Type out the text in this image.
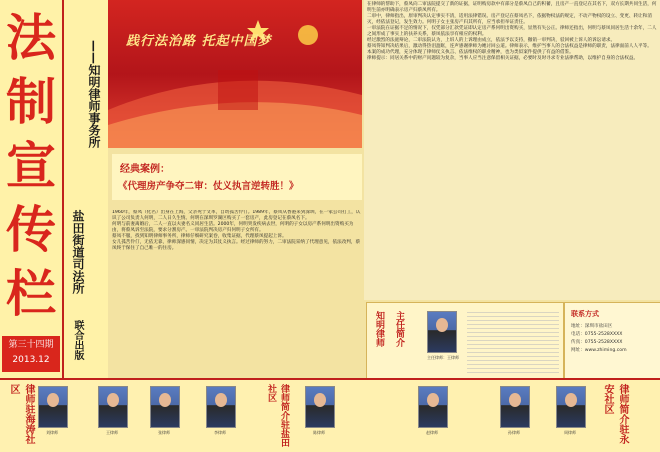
法
制
宣
传
栏
第三十四期
2013.12
——知明律师事务所
盐田街道司法所
联合出版
践行法治路 托起中国梦
经典案例：
《代理房产争夺二审：仗义执言逆转胜！》

1960年，蔡凤（化名）出身在上海，父亲死于文革，自幼孤苦伶仃。1989年，蔡凤从香港来到深圳，在一家公司打工，认识了公司负责人何明，二人日久生情。何明在深圳罗湖区购买了一套房产，此房登记在蔡凤名下。

何明与前妻离婚后，二人一直以夫妻名义同居生活。2000年，何明突发疾病去世，何明的子女以房产系何明出资购买为由，将蔡凤诉至法院，要求分割房产。一审法院判决房产归何明子女所有。

蔡凤不服，找到知明律师事务所，律师仔细研究案卷，收集证据，代理蔡凤提起上诉。

女儿孤苦伶仃，无依无靠，律师深感同情，决定为其仗义执言。经过律师的努力，二审法院采纳了代理意见，依法改判，蔡凤终于保住了自己唯一的住房。

在律师的帮助下，蔡凤向二审法院提交了新的证据，证明购房款中有部分是蔡凤自己的积蓄，且房产一直登记在其名下，双方长期共同生活，何明生前亦明确表示房产归蔡凤所有。

二审中，律师指出，原审判决认定事实不清，适用法律错误。房产登记在蔡凤名下，依据物权法的规定，不动产物权的设立、变更、转让和消灭，经依法登记，发生效力。何明子女主张房产归其所有，应当承担举证责任。

一审法院在证据不足的情况下，仅凭部分汇款凭证即认定房产系何明出资购买，显然有失公正。律师还指出，何明与蔡凤同居生活十余年，二人之间形成了事实上的扶养关系，蔡凤依法享有相应的权利。

经过激烈的法庭辩论，二审法院认为，上诉人的上诉理由成立，依法予以支持，撤销一审判决，驳回被上诉人的诉讼请求。

蔡凤得知判决结果后，激动得热泪盈眶，连声感谢律师为她讨回公道。律师表示，维护当事人的合法权益是律师的职责，法律面前人人平等。

本案的成功代理，充分体现了律师仗义执言、依法维权的职业精神，也为类似案件提供了有益的借鉴。

律师提示：同居关系中的财产问题较为复杂，当事人应当注意保留相关证据，必要时及时寻求专业法律帮助，以维护自身的合法权益。

知明律师 主任简介
主任律师：王律师
联系方式
地址：深圳市盐田区
电话：0755-2528XXXX
传真：0755-2528XXXX
网址：www.zhiming.com
律师驻海涛社区	律师简介驻盐田社区	律师简介驻永安社区
刘律师	王律师	张律师	李律师	陈律师	赵律师	孙律师	周律师
